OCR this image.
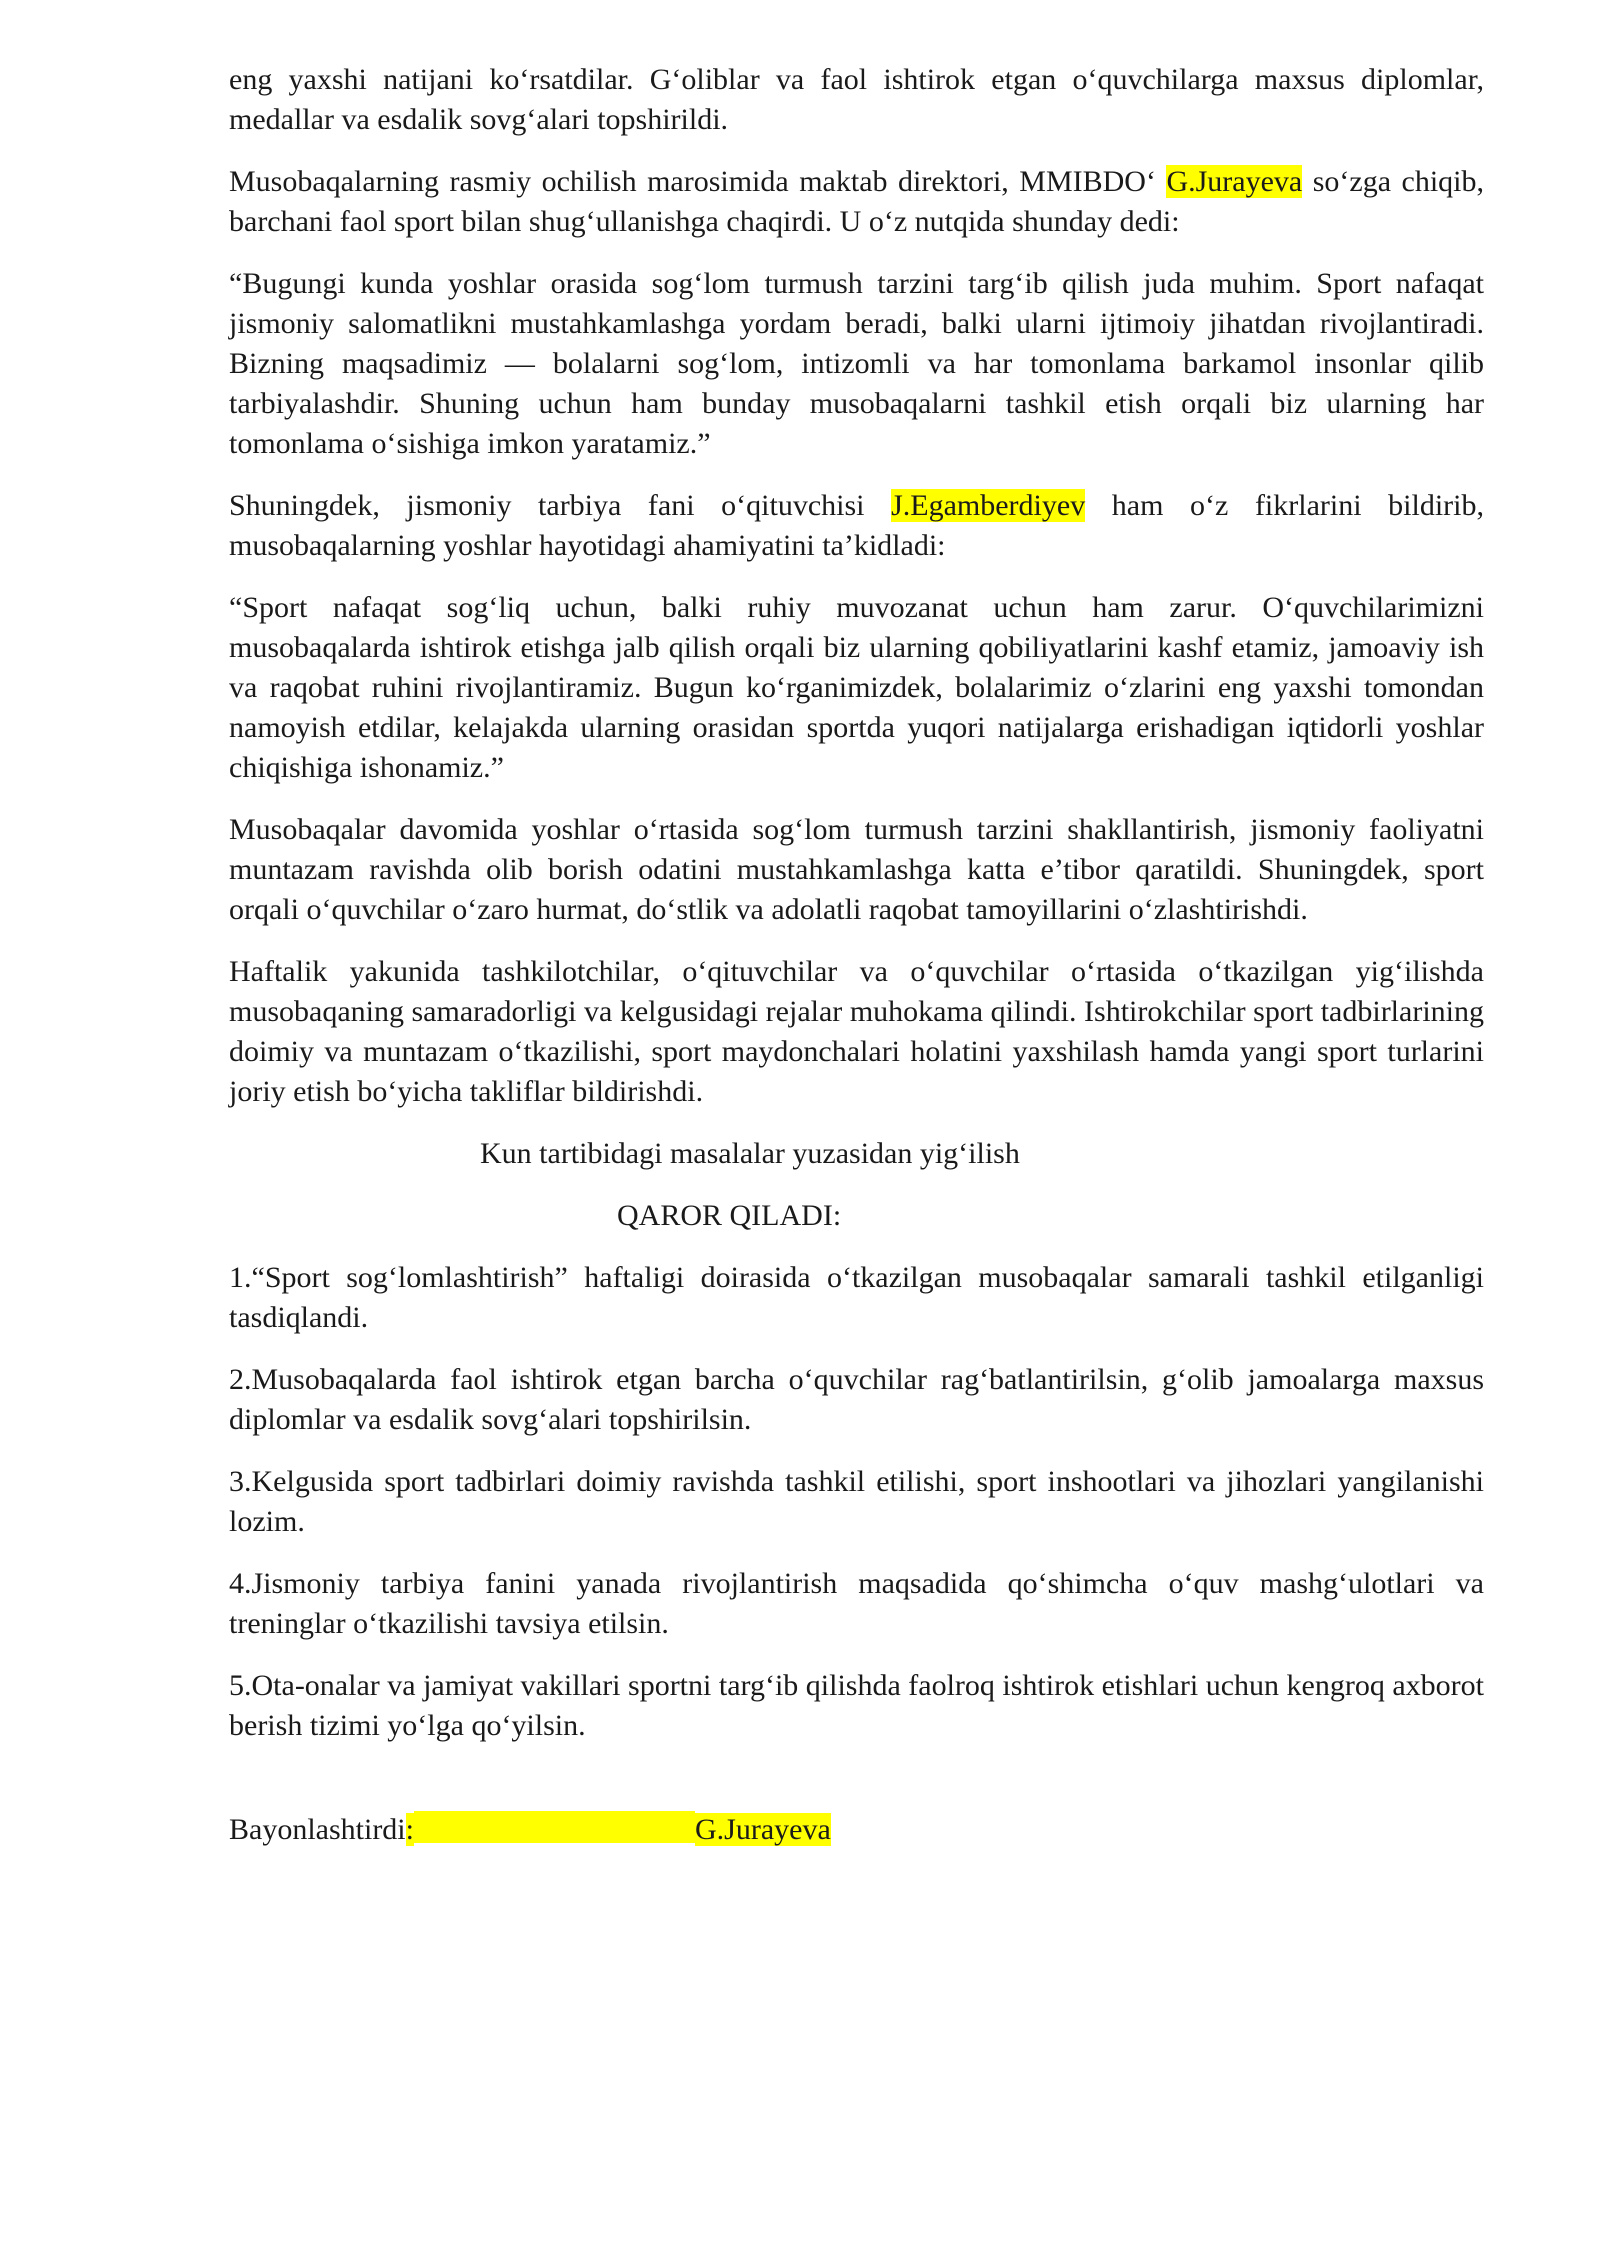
eng yaxshi natijani ko‘rsatdilar. G‘oliblar va faol ishtirok etgan o‘quvchilarga maxsus diplomlar, medallar va esdalik sovg‘alari topshirildi.

Musobaqalarning rasmiy ochilish marosimida maktab direktori, MMIBDO‘ G.Jurayeva so‘zga chiqib, barchani faol sport bilan shug‘ullanishga chaqirdi. U o‘z nutqida shunday dedi:

“Bugungi kunda yoshlar orasida sog‘lom turmush tarzini targ‘ib qilish juda muhim. Sport nafaqat jismoniy salomatlikni mustahkamlashga yordam beradi, balki ularni ijtimoiy jihatdan rivojlantiradi. Bizning maqsadimiz — bolalarni sog‘lom, intizomli va har tomonlama barkamol insonlar qilib tarbiyalashdir. Shuning uchun ham bunday musobaqalarni tashkil etish orqali biz ularning har tomonlama o‘sishiga imkon yaratamiz.”

Shuningdek, jismoniy tarbiya fani o‘qituvchisi J.Egamberdiyev ham o‘z fikrlarini bildirib, musobaqalarning yoshlar hayotidagi ahamiyatini ta’kidladi:

“Sport nafaqat sog‘liq uchun, balki ruhiy muvozanat uchun ham zarur. O‘quvchilarimizni musobaqalarda ishtirok etishga jalb qilish orqali biz ularning qobiliyatlarini kashf etamiz, jamoaviy ish va raqobat ruhini rivojlantiramiz. Bugun ko‘rganimizdek, bolalarimiz o‘zlarini eng yaxshi tomondan namoyish etdilar, kelajakda ularning orasidan sportda yuqori natijalarga erishadigan iqtidorli yoshlar chiqishiga ishonamiz.”

Musobaqalar davomida yoshlar o‘rtasida sog‘lom turmush tarzini shakllantirish, jismoniy faoliyatni muntazam ravishda olib borish odatini mustahkamlashga katta e’tibor qaratildi. Shuningdek, sport orqali o‘quvchilar o‘zaro hurmat, do‘stlik va adolatli raqobat tamoyillarini o‘zlashtirishdi.

Haftalik yakunida tashkilotchilar, o‘qituvchilar va o‘quvchilar o‘rtasida o‘tkazilgan yig‘ilishda musobaqaning samaradorligi va kelgusidagi rejalar muhokama qilindi. Ishtirokchilar sport tadbirlarining doimiy va muntazam o‘tkazilishi, sport maydonchalari holatini yaxshilash hamda yangi sport turlarini joriy etish bo‘yicha takliflar bildirishdi.

Kun tartibidagi masalalar yuzasidan yig‘ilish
QAROR QILADI:

1.“Sport sog‘lomlashtirish” haftaligi doirasida o‘tkazilgan musobaqalar samarali tashkil etilganligi tasdiqlandi.

2.Musobaqalarda faol ishtirok etgan barcha o‘quvchilar rag‘batlantirilsin, g‘olib jamoalarga maxsus diplomlar va esdalik sovg‘alari topshirilsin.

3.Kelgusida sport tadbirlari doimiy ravishda tashkil etilishi, sport inshootlari va jihozlari yangilanishi lozim.

4.Jismoniy tarbiya fanini yanada rivojlantirish maqsadida qo‘shimcha o‘quv mashg‘ulotlari va treninglar o‘tkazilishi tavsiya etilsin.

5.Ota-onalar va jamiyat vakillari sportni targ‘ib qilishda faolroq ishtirok etishlari uchun kengroq axborot berish tizimi yo‘lga qo‘yilsin.

Bayonlashtirdi:	G.Jurayeva
